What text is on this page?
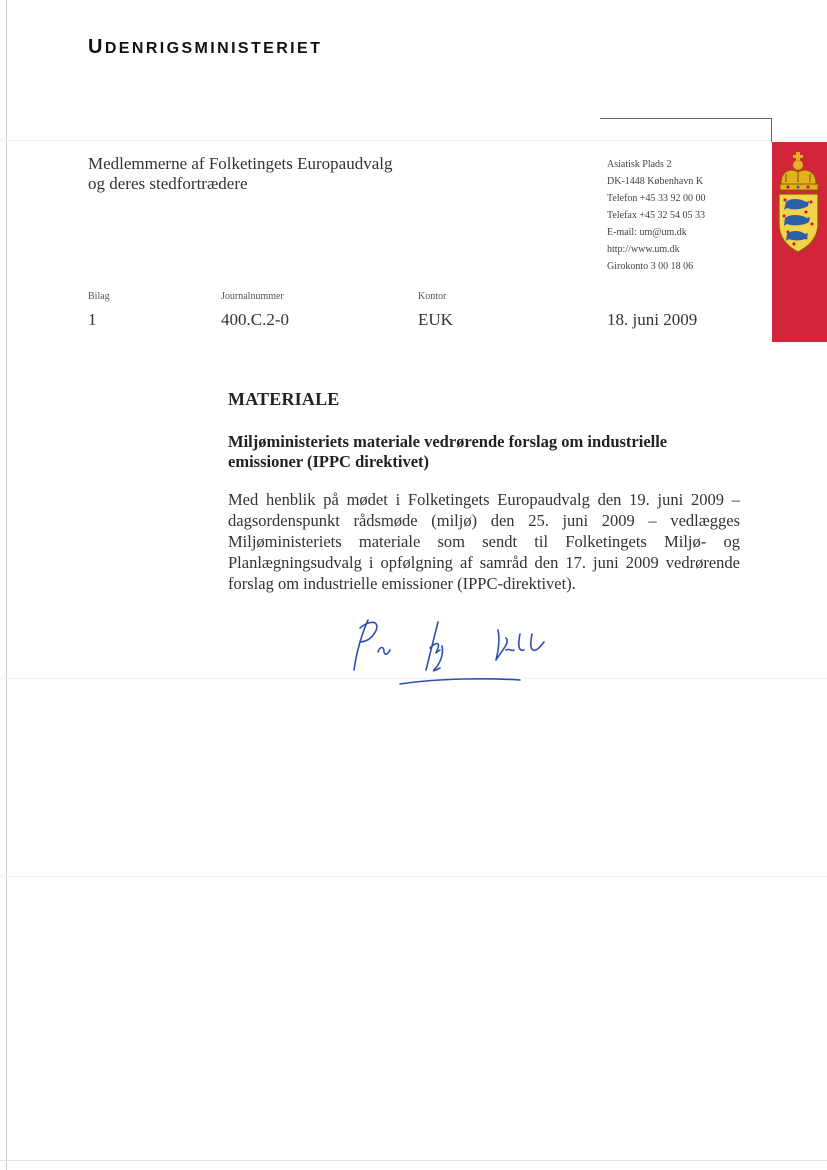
UDENRIGSMINISTERIET
Medlemmerne af Folketingets Europaudvalg
og deres stedfortrædere
Asiatisk Plads 2
DK-1448 København K
Telefon +45 33 92 00 00
Telefax +45 32 54 05 33
E-mail: um@um.dk
http://www.um.dk
Girokonto 3 00 18 06
Bilag
1
Journalnummer
400.C.2-0
Kontor
EUK	18. juni 2009
MATERIALE
Miljøministeriets materiale vedrørende forslag om industrielle emissioner (IPPC direktivet)
Med henblik på mødet i Folketingets Europaudvalg den 19. juni 2009 – dagsordenspunkt rådsmøde (miljø) den 25. juni 2009 – vedlægges Miljøministeriets materiale som sendt til Folketingets Miljø- og Planlægningsudvalg i opfølgning af samråd den 17. juni 2009 vedrørende forslag om industrielle emissioner (IPPC-direktivet).
